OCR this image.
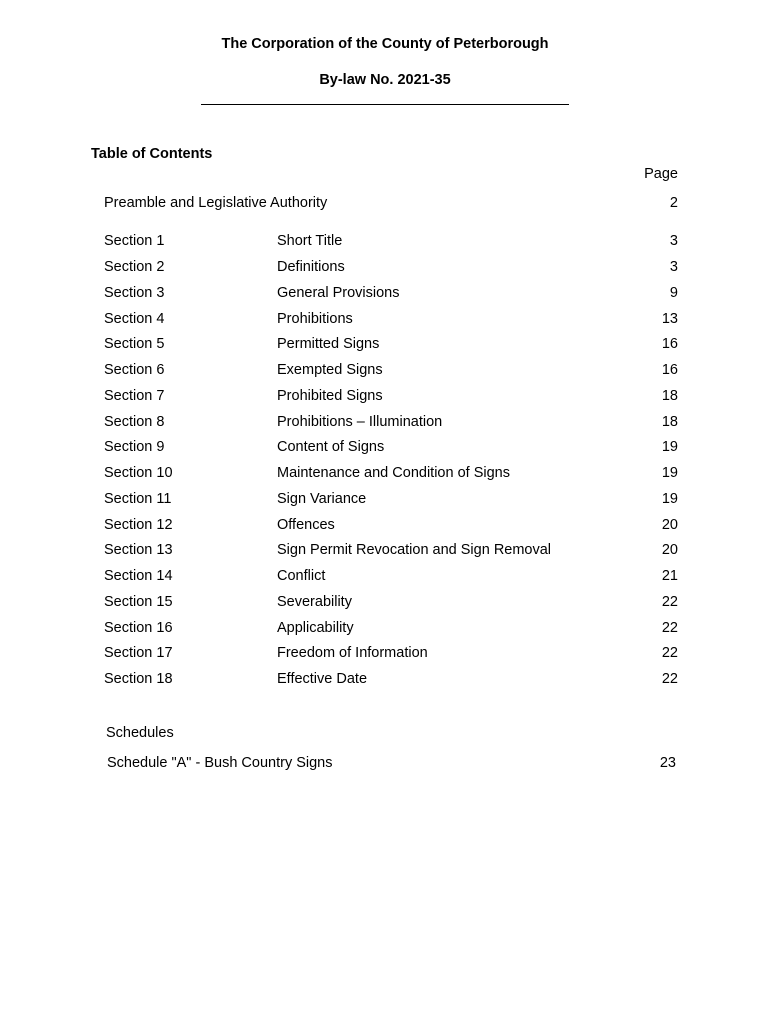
The Corporation of the County of Peterborough
By-law No. 2021-35
Table of Contents
Page
Preamble and Legislative Authority	2
Section 1	Short Title	3
Section 2	Definitions	3
Section 3	General Provisions	9
Section 4	Prohibitions	13
Section 5	Permitted Signs	16
Section 6	Exempted Signs	16
Section 7	Prohibited Signs	18
Section 8	Prohibitions – Illumination	18
Section 9	Content of Signs	19
Section 10	Maintenance and Condition of Signs	19
Section 11	Sign Variance	19
Section 12	Offences	20
Section 13	Sign Permit Revocation and Sign Removal	20
Section 14	Conflict	21
Section 15	Severability	22
Section 16	Applicability	22
Section 17	Freedom of Information	22
Section 18	Effective Date	22
Schedules
Schedule "A" - Bush Country Signs	23
